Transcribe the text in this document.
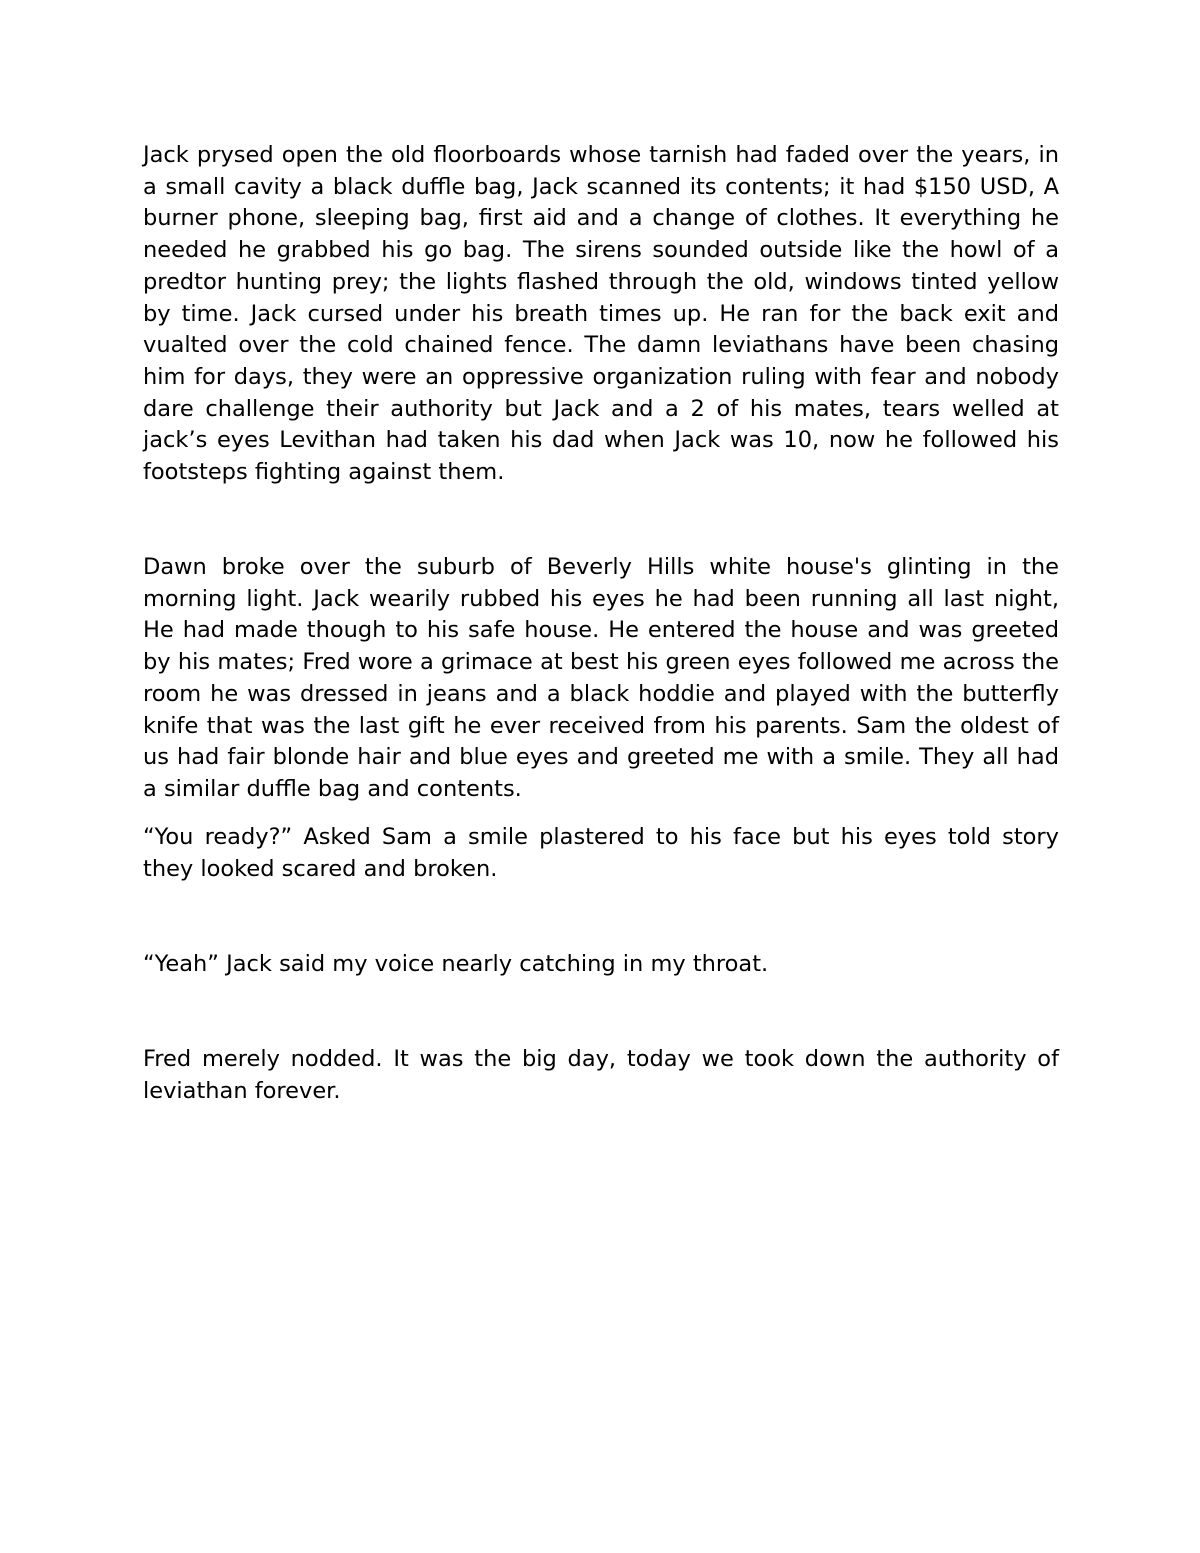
Jack prysed open the old floorboards whose tarnish had faded over the years, in a small cavity a black duffle bag, Jack scanned its contents; it had $150 USD, A burner phone, sleeping bag, first aid and a change of clothes. It everything he needed he grabbed his go bag. The sirens sounded outside like the howl of a predtor hunting prey; the lights flashed through the old, windows tinted yellow by time. Jack cursed under his breath times up. He ran for the back exit and vualted over the cold chained fence. The damn leviathans have been chasing him for days, they were an oppressive organization ruling with fear and nobody dare challenge their authority but Jack and a 2 of his mates, tears welled at jack’s eyes Levithan had taken his dad when Jack was 10, now he followed his footsteps fighting against them.

Dawn broke over the suburb of Beverly Hills white house's glinting in the morning light. Jack wearily rubbed his eyes he had been running all last night, He had made though to his safe house. He entered the house and was greeted by his mates; Fred wore a grimace at best his green eyes followed me across the room he was dressed in jeans and a black hoddie and played with the butterfly knife that was the last gift he ever received from his parents. Sam the oldest of us had fair blonde hair and blue eyes and greeted me with a smile. They all had a similar duffle bag and contents.

“You ready?” Asked Sam a smile plastered to his face but his eyes told story they looked scared and broken.

“Yeah” Jack said my voice nearly catching in my throat.

Fred merely nodded. It was the big day, today we took down the authority of leviathan forever.
